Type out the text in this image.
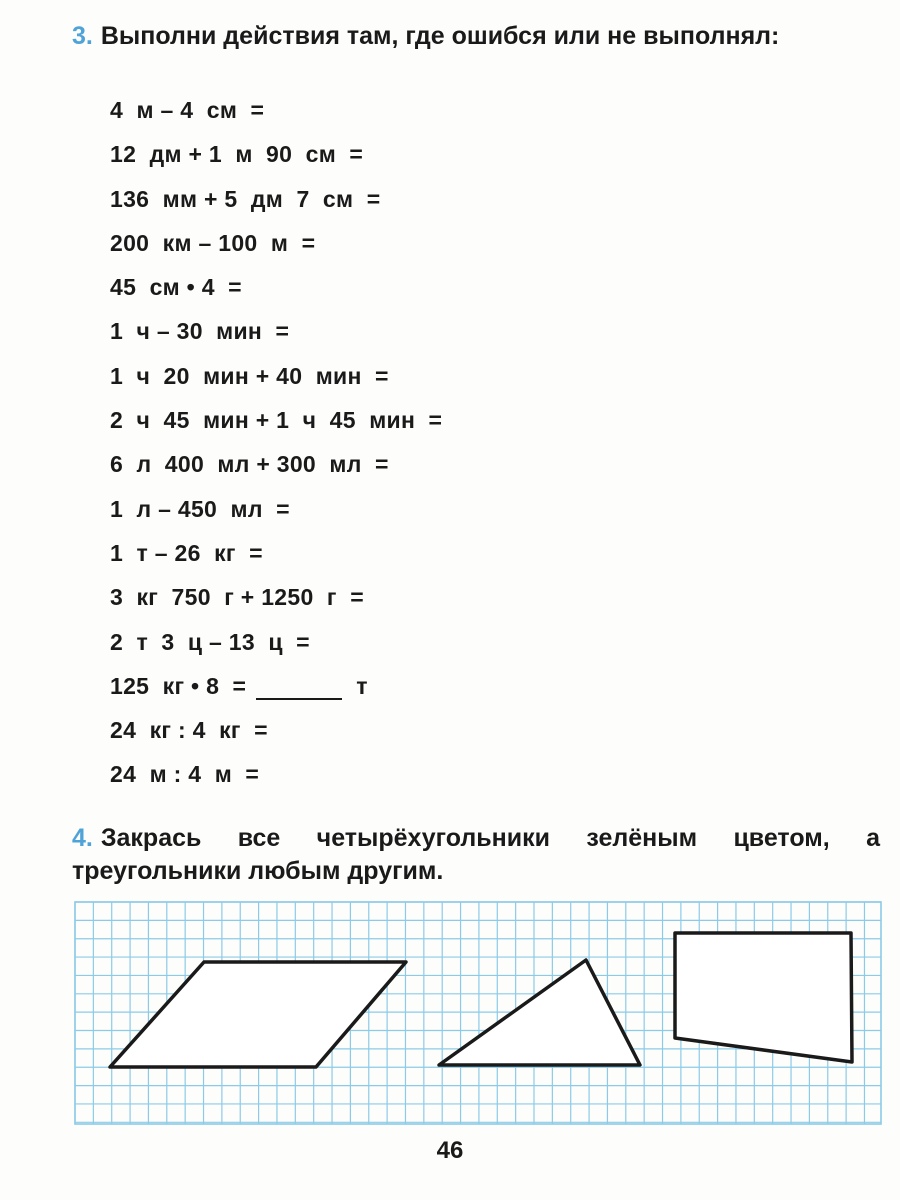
3. Выполни действия там, где ошибся или не выполнял:
4  м – 4  см  =
12  дм + 1  м  90  см  =
136  мм + 5  дм  7  см  =
200  км – 100  м  =
45  см • 4  =
1  ч – 30  мин  =
1  ч  20  мин + 40  мин  =
2  ч  45  мин + 1  ч  45  мин  =
6  л  400  мл + 300  мл  =
1  л – 450  мл  =
1  т – 26  кг  =
3  кг  750  г + 1250  г  =
2  т  3  ц – 13  ц  =
125  кг • 8  =	т
24  кг : 4  кг  =
24  м : 4  м  =
4. Закрась все четырёхугольники зелёным цветом, а треугольники любым другим.
46
